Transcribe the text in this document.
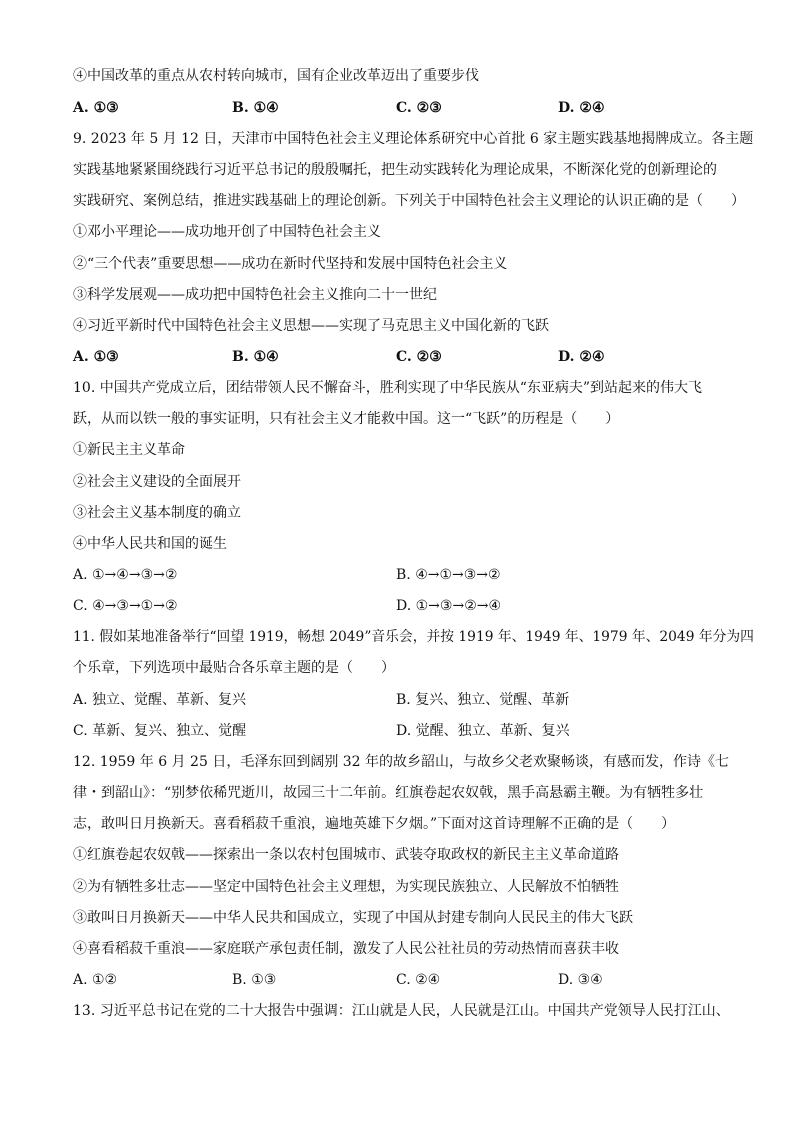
④中国改革的重点从农村转向城市，国有企业改革迈出了重要步伐
A. ①③	B. ①④	C. ②③	D. ②④
9. 2023 年 5 月 12 日，天津市中国特色社会主义理论体系研究中心首批 6 家主题实践基地揭牌成立。各主题
实践基地紧紧围绕践行习近平总书记的殷殷嘱托，把生动实践转化为理论成果，不断深化党的创新理论的
实践研究、案例总结，推进实践基础上的理论创新。下列关于中国特色社会主义理论的认识正确的是（　　）
①邓小平理论——成功地开创了中国特色社会主义
②“三个代表”重要思想——成功在新时代坚持和发展中国特色社会主义
③科学发展观——成功把中国特色社会主义推向二十一世纪
④习近平新时代中国特色社会主义思想——实现了马克思主义中国化新的飞跃
A. ①③	B. ①④	C. ②③	D. ②④
10. 中国共产党成立后，团结带领人民不懈奋斗，胜利实现了中华民族从“东亚病夫”到站起来的伟大飞
跃，从而以铁一般的事实证明，只有社会主义才能救中国。这一“飞跃”的历程是（　　）
①新民主主义革命
②社会主义建设的全面展开
③社会主义基本制度的确立
④中华人民共和国的诞生
A. ①→④→③→②	B. ④→①→③→②
C. ④→③→①→②	D. ①→③→②→④
11. 假如某地准备举行“回望 1919，畅想 2049”音乐会，并按 1919 年、1949 年、1979 年、2049 年分为四
个乐章，下列选项中最贴合各乐章主题的是（　　）
A. 独立、觉醒、革新、复兴	B. 复兴、独立、觉醒、革新
C. 革新、复兴、独立、觉醒	D. 觉醒、独立、革新、复兴
12. 1959 年 6 月 25 日，毛泽东回到阔别 32 年的故乡韶山，与故乡父老欢聚畅谈，有感而发，作诗《七
律・到韶山》：“别梦依稀咒逝川，故园三十二年前。红旗卷起农奴戟，黑手高悬霸主鞭。为有牺牲多壮
志，敢叫日月换新天。喜看稻菽千重浪，遍地英雄下夕烟。”下面对这首诗理解不正确的是（　　）
①红旗卷起农奴戟——探索出一条以农村包围城市、武装夺取政权的新民主主义革命道路
②为有牺牲多壮志——坚定中国特色社会主义理想，为实现民族独立、人民解放不怕牺牲
③敢叫日月换新天——中华人民共和国成立，实现了中国从封建专制向人民民主的伟大飞跃
④喜看稻菽千重浪——家庭联产承包责任制，激发了人民公社社员的劳动热情而喜获丰收
A. ①②	B. ①③	C. ②④	D. ③④
13. 习近平总书记在党的二十大报告中强调：江山就是人民，人民就是江山。中国共产党领导人民打江山、
